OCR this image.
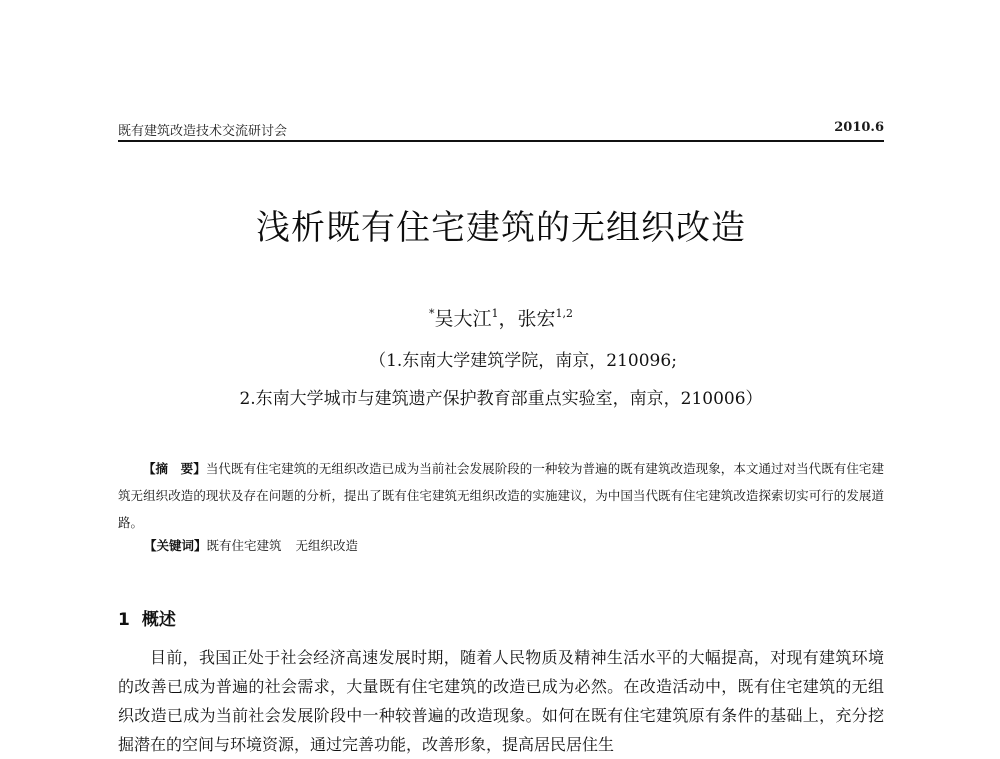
既有建筑改造技术交流研讨会	2010.6
浅析既有住宅建筑的无组织改造
*吴大江$^1$，张宏$^{1,2}$
（1.东南大学建筑学院，南京，210096;
2.东南大学城市与建筑遗产保护教育部重点实验室，南京，210006）
【摘　要】当代既有住宅建筑的无组织改造已成为当前社会发展阶段的一种较为普遍的既有建筑改造现象，本文通过对当代既有住宅建筑无组织改造的现状及存在问题的分析，提出了既有住宅建筑无组织改造的实施建议，为中国当代既有住宅建筑改造探索切实可行的发展道路。
【关键词】既有住宅建筑 无组织改造
1 概述
目前，我国正处于社会经济高速发展时期，随着人民物质及精神生活水平的大幅提高，对现有建筑环境的改善已成为普遍的社会需求，大量既有住宅建筑的改造已成为必然。在改造活动中，既有住宅建筑的无组织改造已成为当前社会发展阶段中一种较普遍的改造现象。如何在既有住宅建筑原有条件的基础上，充分挖掘潜在的空间与环境资源，通过完善功能，改善形象，提高居民居住生
